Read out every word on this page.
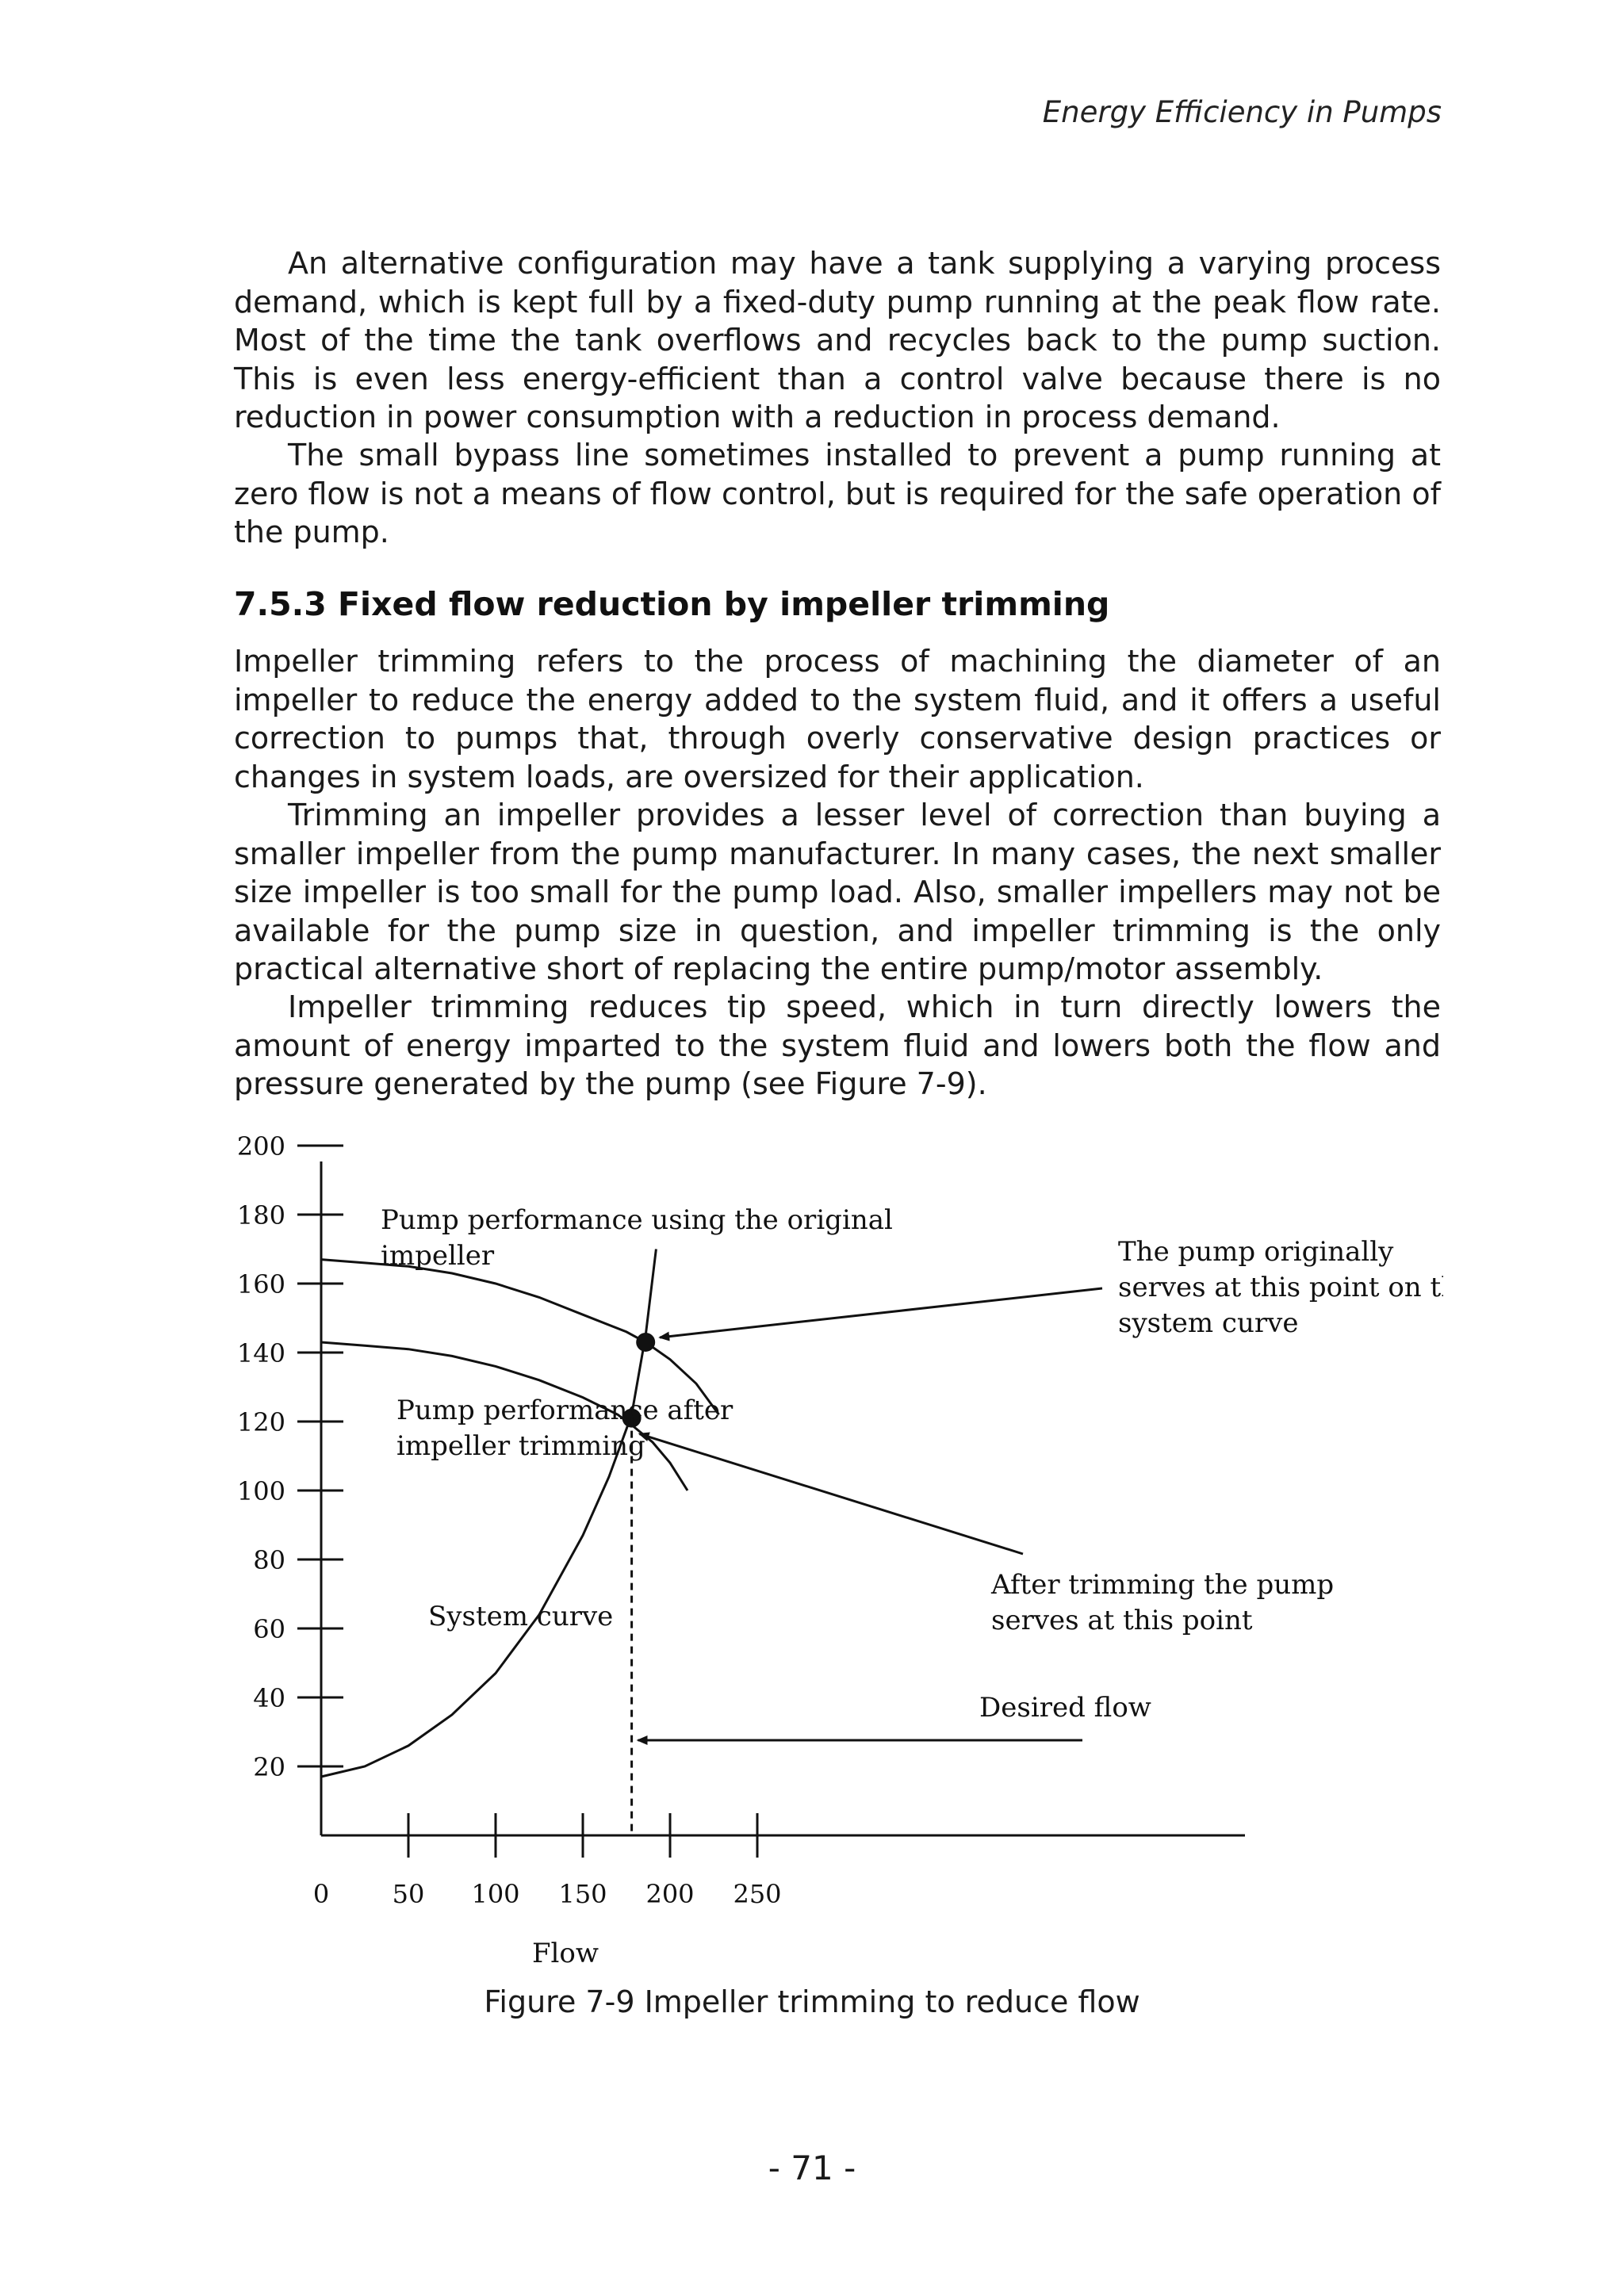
Energy Efficiency in Pumps

An alternative configuration may have a tank supplying a varying process demand, which is kept full by a fixed-duty pump running at the peak flow rate. Most of the time the tank overflows and recycles back to the pump suction. This is even less energy-efficient than a control valve because there is no reduction in power consumption with a reduction in process demand.

The small bypass line sometimes installed to prevent a pump running at zero flow is not a means of flow control, but is required for the safe operation of the pump.

7.5.3 Fixed flow reduction by impeller trimming

Impeller trimming refers to the process of machining the diameter of an impeller to reduce the energy added to the system fluid, and it offers a useful correction to pumps that, through overly conservative design practices or changes in system loads, are oversized for their application.

Trimming an impeller provides a lesser level of correction than buying a smaller impeller from the pump manufacturer. In many cases, the next smaller size impeller is too small for the pump load. Also, smaller impellers may not be available for the pump size in question, and impeller trimming is the only practical alternative short of replacing the entire pump/motor assembly.

Impeller trimming reduces tip speed, which in turn directly lowers the amount of energy imparted to the system fluid and lowers both the flow and pressure generated by the pump (see Figure 7-9).

200
180
160
140
120
100
80
60
40
20
0 50 100 150 200 250
Flow
Pump performance using the original
impeller
Pump performance after
impeller trimming
System curve
The pump originally
serves at this point on the
system curve
After trimming the pump
serves at this point
Desired flow
Figure 7-9 Impeller trimming to reduce flow
- 71 -
